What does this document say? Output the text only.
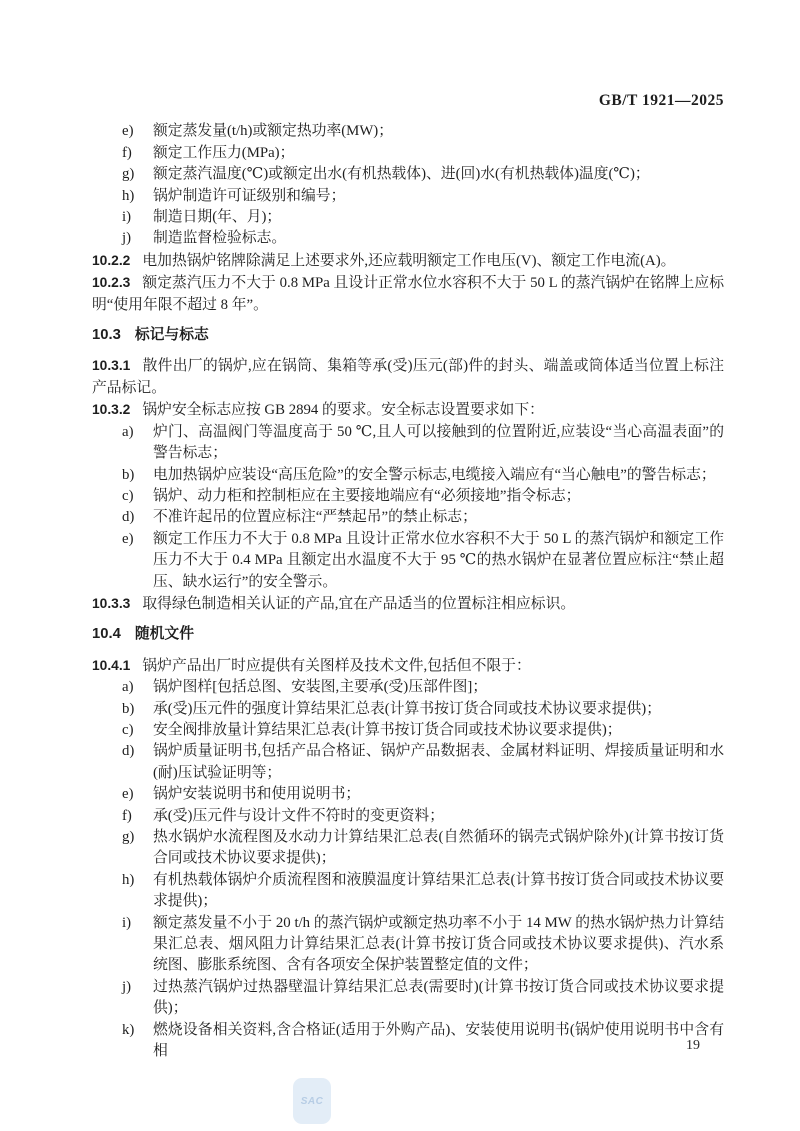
GB/T 1921—2025
e)	额定蒸发量(t/h)或额定热功率(MW)；
f)	额定工作压力(MPa)；
g)	额定蒸汽温度(℃)或额定出水(有机热载体)、进(回)水(有机热载体)温度(℃)；
h)	锅炉制造许可证级别和编号；
i)	制造日期(年、月)；
j)	制造监督检验标志。

10.2.2 电加热锅炉铭牌除满足上述要求外,还应载明额定工作电压(V)、额定工作电流(A)。

10.2.3 额定蒸汽压力不大于 0.8 MPa 且设计正常水位水容积不大于 50 L 的蒸汽锅炉在铭牌上应标明“使用年限不超过 8 年”。

10.3 标记与标志

10.3.1 散件出厂的锅炉,应在锅筒、集箱等承(受)压元(部)件的封头、端盖或筒体适当位置上标注产品标记。

10.3.2 锅炉安全标志应按 GB 2894 的要求。安全标志设置要求如下：

a)	炉门、高温阀门等温度高于 50 ℃,且人可以接触到的位置附近,应装设“当心高温表面”的警告标志；
b)	电加热锅炉应装设“高压危险”的安全警示标志,电缆接入端应有“当心触电”的警告标志；
c)	锅炉、动力柜和控制柜应在主要接地端应有“必须接地”指令标志；
d)	不准许起吊的位置应标注“严禁起吊”的禁止标志；
e)	额定工作压力不大于 0.8 MPa 且设计正常水位水容积不大于 50 L 的蒸汽锅炉和额定工作压力不大于 0.4 MPa 且额定出水温度不大于 95 ℃的热水锅炉在显著位置应标注“禁止超压、缺水运行”的安全警示。

10.3.3 取得绿色制造相关认证的产品,宜在产品适当的位置标注相应标识。

10.4 随机文件

10.4.1 锅炉产品出厂时应提供有关图样及技术文件,包括但不限于：

a)	锅炉图样[包括总图、安装图,主要承(受)压部件图]；
b)	承(受)压元件的强度计算结果汇总表(计算书按订货合同或技术协议要求提供)；
c)	安全阀排放量计算结果汇总表(计算书按订货合同或技术协议要求提供)；
d)	锅炉质量证明书,包括产品合格证、锅炉产品数据表、金属材料证明、焊接质量证明和水(耐)压试验证明等；
e)	锅炉安装说明书和使用说明书；
f)	承(受)压元件与设计文件不符时的变更资料；
g)	热水锅炉水流程图及水动力计算结果汇总表(自然循环的锅壳式锅炉除外)(计算书按订货合同或技术协议要求提供)；
h)	有机热载体锅炉介质流程图和液膜温度计算结果汇总表(计算书按订货合同或技术协议要求提供)；
i)	额定蒸发量不小于 20 t/h 的蒸汽锅炉或额定热功率不小于 14 MW 的热水锅炉热力计算结果汇总表、烟风阻力计算结果汇总表(计算书按订货合同或技术协议要求提供)、汽水系统图、膨胀系统图、含有各项安全保护装置整定值的文件；
j)	过热蒸汽锅炉过热器壁温计算结果汇总表(需要时)(计算书按订货合同或技术协议要求提供)；
k)	燃烧设备相关资料,含合格证(适用于外购产品)、安装使用说明书(锅炉使用说明书中含有相	19
SAC
